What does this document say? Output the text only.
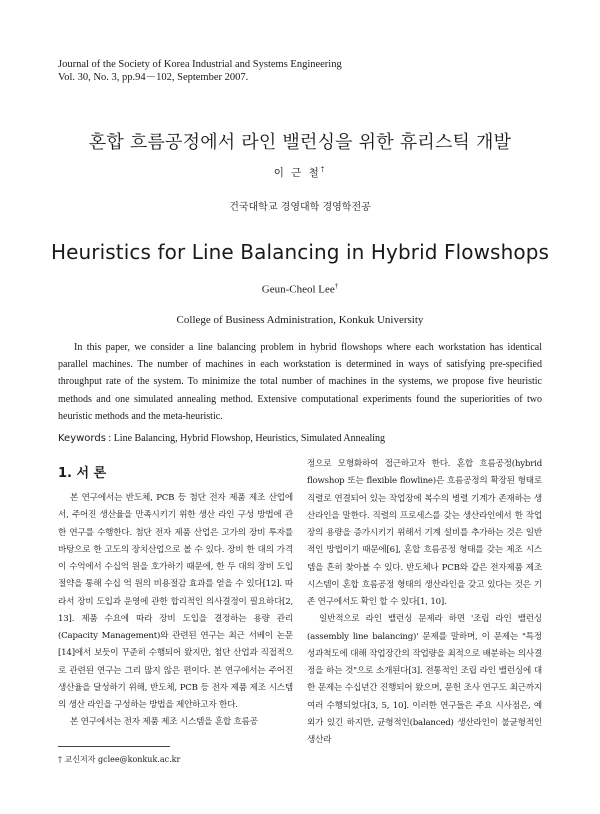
Journal of the Society of Korea Industrial and Systems Engineering
Vol. 30, No. 3, pp.94－102, September 2007.
혼합 흐름공정에서 라인 밸런싱을 위한 휴리스틱 개발
이 근 철†
건국대학교 경영대학 경영학전공
Heuristics for Line Balancing in Hybrid Flowshops
Geun-Cheol Lee†
College of Business Administration, Konkuk University

In this paper, we consider a line balancing problem in hybrid flowshops where each workstation has identical parallel machines. The number of machines in each workstation is determined in ways of satisfying pre-specified throughput rate of the system. To minimize the total number of machines in the systems, we propose five heuristic methods and one simulated annealing method. Extensive computational experiments found the superiorities of two heuristic methods and the meta-heuristic.

Keywords : Line Balancing, Hybrid Flowshop, Heuristics, Simulated Annealing
1. 서 론

본 연구에서는 반도체, PCB 등 첨단 전자 제품 제조 산업에서, 주어진 생산율을 만족시키기 위한 생산 라인 구성 방법에 관한 연구를 수행한다. 첨단 전자 제품 산업은 고가의 장비 투자를 바탕으로 한 고도의 장치산업으로 볼 수 있다. 장비 한 대의 가격이 수억에서 수십억 원을 호가하기 때문에, 한 두 대의 장비 도입 절약을 통해 수십 억 원의 비용절감 효과를 얻을 수 있다[12]. 따라서 장비 도입과 운영에 관한 합리적인 의사결정이 필요하다[2, 13]. 제품 수요에 따라 장비 도입을 결정하는 용량 관리(Capacity Management)와 관련된 연구는 최근 서베이 논문[14]에서 보듯이 꾸준히 수행되어 왔지만, 첨단 산업과 직접적으로 관련된 연구는 그리 많지 않은 편이다. 본 연구에서는 주어진 생산율을 달성하기 위해, 반도체, PCB 등 전자 제품 제조 시스템의 생산 라인을 구성하는 방법을 제안하고자 한다.

본 연구에서는 전자 제품 제조 시스템을 혼합 흐름공

정으로 모형화하여 접근하고자 한다. 혼합 흐름공정(hybrid flowshop 또는 flexible flowline)은 흐름공정의 확장된 형태로 직렬로 연결되어 있는 작업장에 복수의 병렬 기계가 존재하는 생산라인을 말한다. 직렬의 프로세스를 갖는 생산라인에서 한 작업장의 용량을 증가시키기 위해서 기계 설비를 추가하는 것은 일반적인 방법이기 때문에[6], 혼합 흐름공정 형태를 갖는 제조 시스템을 흔히 찾아볼 수 있다. 반도체나 PCB와 같은 전자제품 제조 시스템이 혼합 흐름공정 형태의 생산라인을 갖고 있다는 것은 기존 연구에서도 확인 할 수 있다[1, 10].

일반적으로 라인 밸런싱 문제라 하면 '조립 라인 밸런싱(assembly line balancing)' 문제를 말하며, 이 문제는 "특정 성과척도에 대해 작업장간의 작업량을 최적으로 배분하는 의사결정을 하는 것"으로 소개된다[3]. 전통적인 조립 라인 밸런싱에 대한 문제는 수십년간 진행되어 왔으며, 문헌 조사 연구도 최근까지 여러 수행되었다[3, 5, 10]. 이러한 연구들은 주요 시사점은, 예외가 있긴 하지만, 균형적인(balanced) 생산라인이 불균형적인 생산라

† 교신저자 gclee@konkuk.ac.kr
